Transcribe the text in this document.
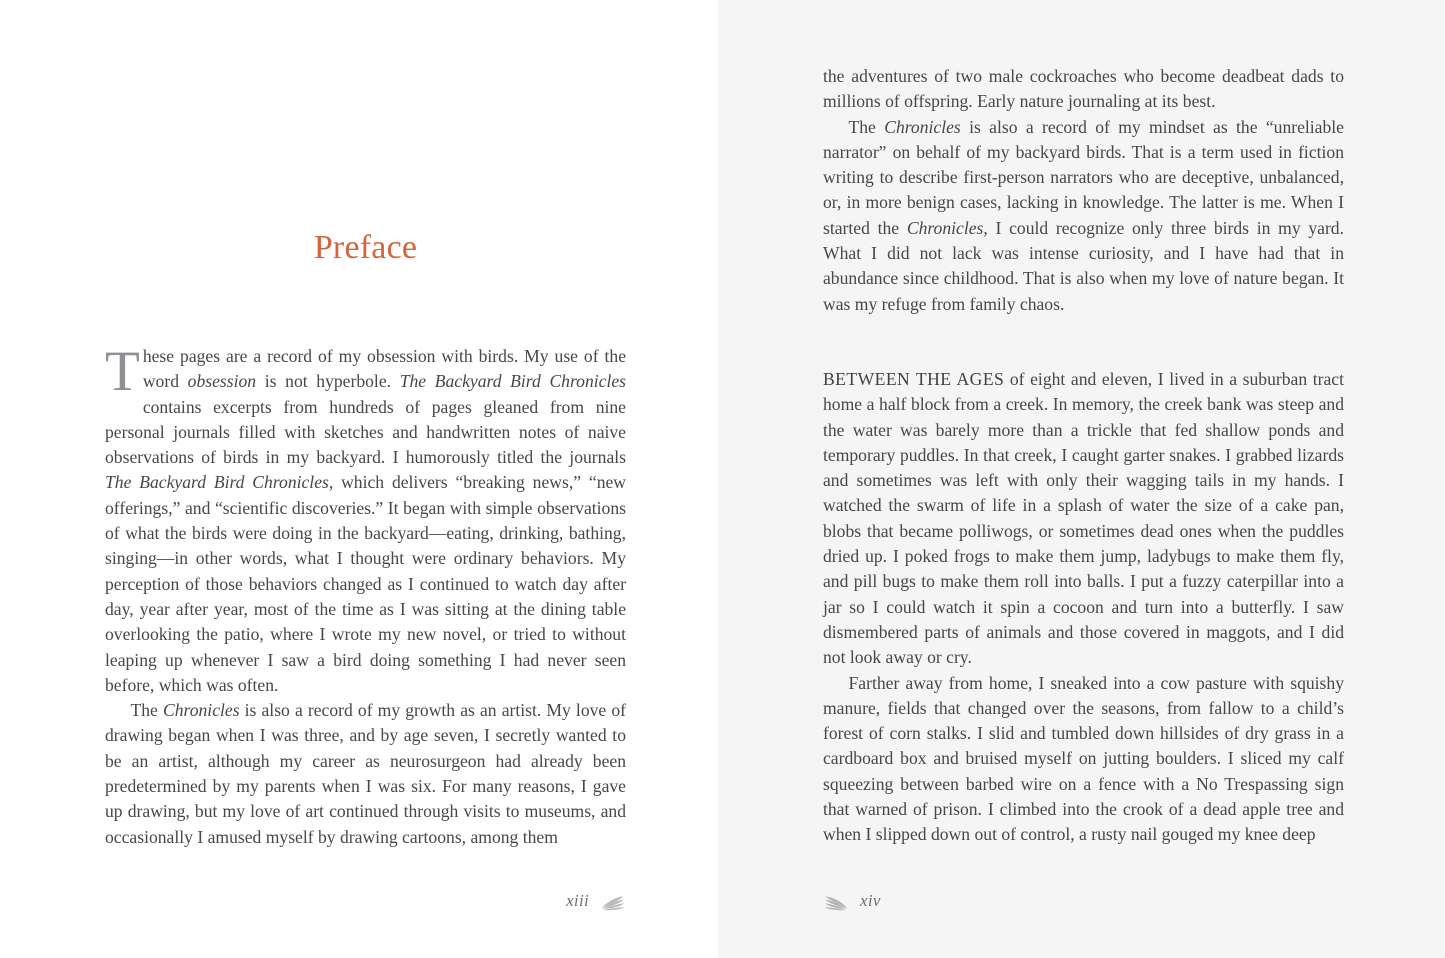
Preface

These pages are a record of my obsession with birds. My use of the word obsession is not hyperbole. The Backyard Bird Chronicles contains excerpts from hundreds of pages gleaned from nine personal journals filled with sketches and handwritten notes of naive observations of birds in my backyard. I humorously titled the journals The Backyard Bird Chronicles, which delivers “breaking news,” “new offerings,” and “scientific discoveries.” It began with simple observations of what the birds were doing in the backyard—eating, drinking, bathing, singing—in other words, what I thought were ordinary behaviors. My perception of those behaviors changed as I continued to watch day after day, year after year, most of the time as I was sitting at the dining table overlooking the patio, where I wrote my new novel, or tried to without leaping up whenever I saw a bird doing something I had never seen before, which was often.

The Chronicles is also a record of my growth as an artist. My love of drawing began when I was three, and by age seven, I secretly wanted to be an artist, although my career as neurosurgeon had already been predetermined by my parents when I was six. For many reasons, I gave up drawing, but my love of art continued through visits to museums, and occasionally I amused myself by drawing cartoons, among them

xiii

the adventures of two male cockroaches who become deadbeat dads to millions of offspring. Early nature journaling at its best.

The Chronicles is also a record of my mindset as the “unreliable narrator” on behalf of my backyard birds. That is a term used in fiction writing to describe first-person narrators who are deceptive, unbalanced, or, in more benign cases, lacking in knowledge. The latter is me. When I started the Chronicles, I could recognize only three birds in my yard. What I did not lack was intense curiosity, and I have had that in abundance since childhood. That is also when my love of nature began. It was my refuge from family chaos.

BETWEEN THE AGES of eight and eleven, I lived in a suburban tract home a half block from a creek. In memory, the creek bank was steep and the water was barely more than a trickle that fed shallow ponds and temporary puddles. In that creek, I caught garter snakes. I grabbed lizards and sometimes was left with only their wagging tails in my hands. I watched the swarm of life in a splash of water the size of a cake pan, blobs that became polliwogs, or sometimes dead ones when the puddles dried up. I poked frogs to make them jump, ladybugs to make them fly, and pill bugs to make them roll into balls. I put a fuzzy caterpillar into a jar so I could watch it spin a cocoon and turn into a butterfly. I saw dismembered parts of animals and those covered in maggots, and I did not look away or cry.

Farther away from home, I sneaked into a cow pasture with squishy manure, fields that changed over the seasons, from fallow to a child’s forest of corn stalks. I slid and tumbled down hillsides of dry grass in a cardboard box and bruised myself on jutting boulders. I sliced my calf squeezing between barbed wire on a fence with a No Trespassing sign that warned of prison. I climbed into the crook of a dead apple tree and when I slipped down out of control, a rusty nail gouged my knee deep

xiv
